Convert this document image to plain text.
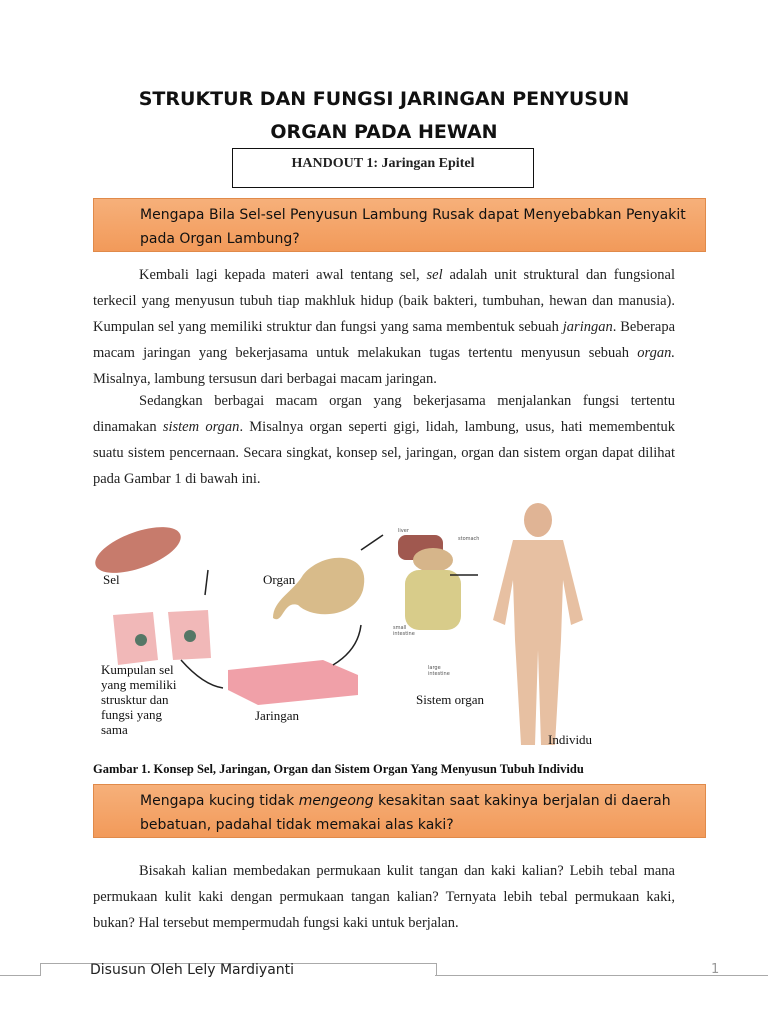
STRUKTUR DAN FUNGSI JARINGAN PENYUSUN
ORGAN PADA HEWAN
HANDOUT 1: Jaringan Epitel
Mengapa Bila Sel-sel Penyusun Lambung Rusak dapat Menyebabkan Penyakit pada Organ Lambung?
Kembali lagi kepada materi awal tentang sel, sel adalah unit struktural dan fungsional terkecil yang menyusun tubuh tiap makhluk hidup (baik bakteri, tumbuhan, hewan dan manusia). Kumpulan sel yang memiliki struktur dan fungsi yang sama membentuk sebuah jaringan. Beberapa macam jaringan yang bekerjasama untuk melakukan tugas tertentu menyusun sebuah organ. Misalnya, lambung tersusun dari berbagai macam jaringan.
Sedangkan berbagai macam organ yang bekerjasama menjalankan fungsi tertentu dinamakan sistem organ. Misalnya organ seperti gigi, lidah, lambung, usus, hati memembentuk suatu sistem pencernaan. Secara singkat, konsep sel, jaringan, organ dan sistem organ dapat dilihat pada Gambar 1 di bawah ini.
Sel
Kumpulan sel yang memiliki strusktur dan fungsi yang sama
Jaringan
Organ
Sistem organ
Individu
liver
stomach
small intestine
large intestine
Gambar 1. Konsep Sel, Jaringan, Organ dan Sistem Organ Yang Menyusun Tubuh Individu
Mengapa kucing tidak mengeong kesakitan saat kakinya berjalan di daerah bebatuan, padahal tidak memakai alas kaki?
Bisakah kalian membedakan permukaan kulit tangan dan kaki kalian? Lebih tebal mana permukaan kulit kaki dengan permukaan tangan kalian? Ternyata lebih tebal permukaan kaki, bukan? Hal tersebut mempermudah fungsi kaki untuk berjalan.
Disusun Oleh Lely Mardiyanti	1
